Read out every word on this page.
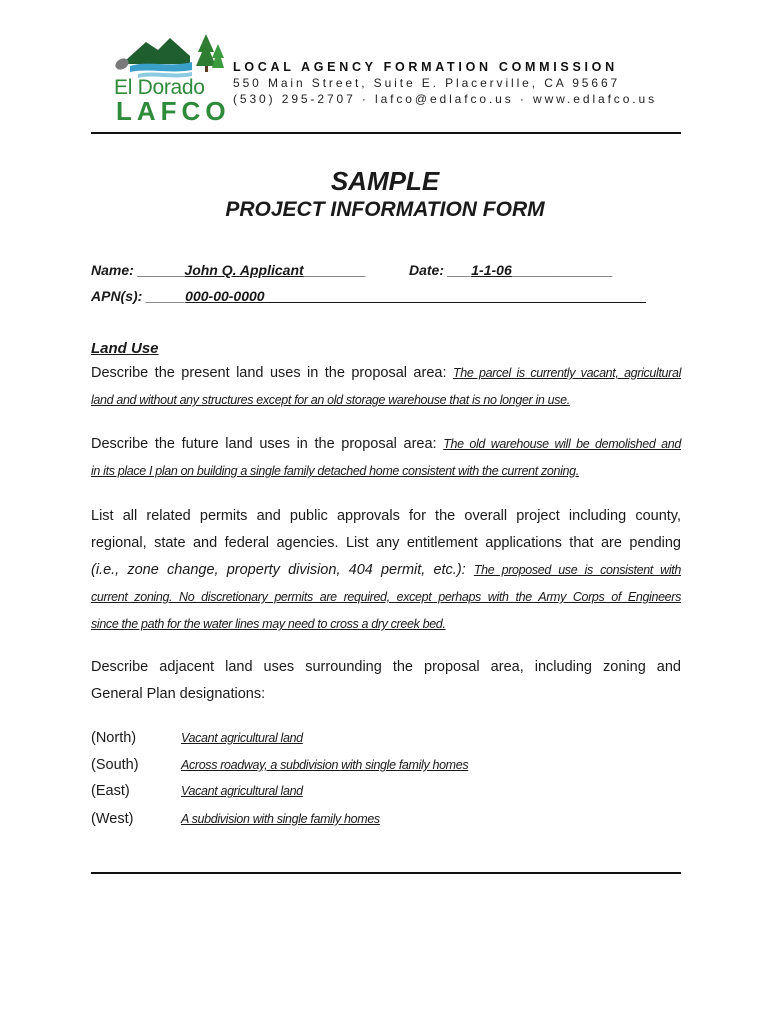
El Dorado
LAFCO
LOCAL AGENCY FORMATION COMMISSION
550 Main Street, Suite E. Placerville, CA 95667
(530) 295-2707 · lafco@edlafco.us · www.edlafco.us
SAMPLE
PROJECT INFORMATION FORM
Name: ______John Q. Applicant________	Date: ___1-1-06_____________
APN(s): _____000-00-0000_________________________________________________
Land Use
Describe the present land uses in the proposal area: The parcel is currently vacant, agricultural
land and without any structures except for an old storage warehouse that is no longer in use.
Describe the future land uses in the proposal area: The old warehouse will be demolished and
in its place I plan on building a single family detached home consistent with the current zoning.
List all related permits and public approvals for the overall project including county,
regional, state and federal agencies. List any entitlement applications that are pending
(i.e., zone change, property division, 404 permit, etc.): The proposed use is consistent with
current zoning. No discretionary permits are required, except perhaps with the Army Corps of Engineers
since the path for the water lines may need to cross a dry creek bed.
Describe adjacent land uses surrounding the proposal area, including zoning and
General Plan designations:
(North)	Vacant agricultural land
(South)	Across roadway, a subdivision with single family homes
(East)	Vacant agricultural land
(West)	A subdivision with single family homes
